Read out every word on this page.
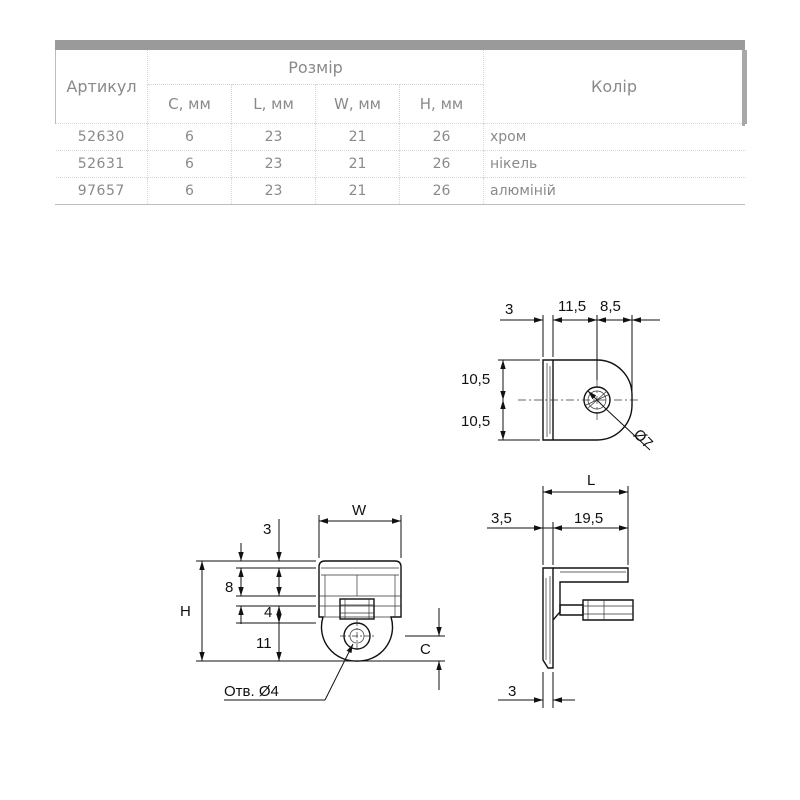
Артикул	Розмір				Колір
	C, мм	L, мм	W, мм	H, мм	

52630	6	23	21	26	хром
52631	6	23	21	26	нікель
97657	6	23	21	26	алюміній
3	11,5 8,5
10,5
10,5
Ø7
L
3,5	19,5
3
W
H
8
3
4
11	C
Отв. Ø4
